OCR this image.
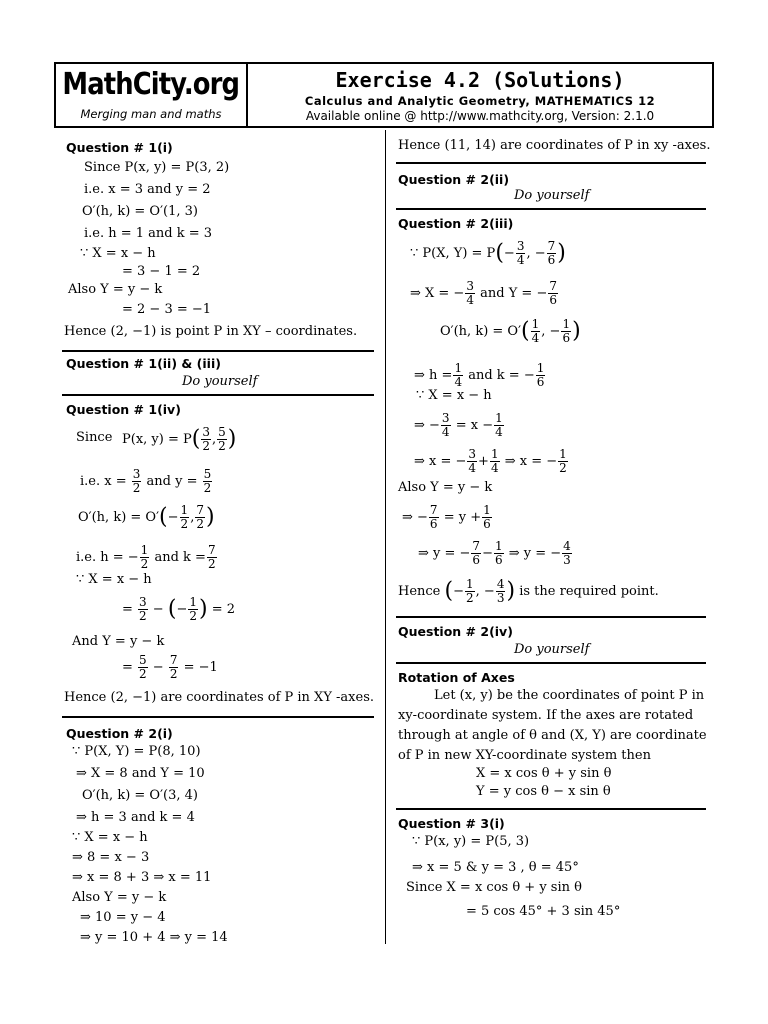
MathCity.org
Merging man and maths
Exercise 4.2 (Solutions)
Calculus and Analytic Geometry, MATHEMATICS 12
Available online @ http://www.mathcity.org, Version: 2.1.0
Question # 1(i)
Since P(x, y) = P(3, 2)
i.e. x = 3 and y = 2
O′(h, k) = O′(1, 3)
i.e. h = 1 and k = 3
∵ X = x − h
= 3 − 1 = 2
Also Y = y − k
= 2 − 3 = −1
Hence (2, −1) is point P in XY – coordinates.
Question # 1(ii) & (iii)
Do yourself
Question # 1(iv)
Since P(x, $y) = P( \frac{3}{2}$ , $\frac{5}{2}$ )
i.e. $x = \frac{3}{2}$ and $y = \frac{5}{2}$
O′(h, $k) = O'(- \frac{1}{2}$ , $\frac{7}{2}$ )
i.e. h = − $\frac{1}{2}$ and $k = \frac{7}{2}$
∵ X = x − h
= $\frac{3}{2}$ − (− $\frac{1}{2}$ ) = 2
And Y = y − k
= $\frac{5}{2} - \frac{7}{2} = -1$
Hence (2, −1) are coordinates of P in XY -axes.
Question # 2(i)
∵ P(X, Y) = P(8, 10)
⇒ X = 8 and Y = 10
O′(h, k) = O′(3, 4)
⇒ h = 3 and k = 4
∵ X = x − h
⇒ 8 = x − 3
⇒ x = 8 + 3 ⇒ x = 11
Also Y = y − k
⇒ 10 = y − 4
⇒ y = 10 + 4 ⇒ y = 14
Hence (11, 14) are coordinates of P in xy -axes.
Question # 2(ii)
Do yourself
Question # 2(iii)
∵ P(X, $Y) = P(- \frac{3}{4}$ , − $\frac{7}{6}$ )
⇒ X = − $\frac{3}{4}$ and Y = − $\frac{7}{6}$
O′(h, $k) = O'( \frac{1}{4}$ , − $\frac{1}{6}$ )
⇒ $h = \frac{1}{4}$ and k = − $\frac{1}{6}$
∵ X = x − h
⇒ − $\frac{3}{4} = x - \frac{1}{4}$
⇒ x = − $\frac{3}{4} + \frac{1}{4}$ ⇒ x = − $\frac{1}{2}$
Also Y = y − k
⇒ − $\frac{7}{6} = y + \frac{1}{6}$
⇒ y = − $\frac{7}{6} - \frac{1}{6}$ ⇒ y = − $\frac{4}{3}$
Hence (− $\frac{1}{2}$ , − $\frac{4}{3}$ ) is the required point.
Question # 2(iv)
Do yourself
Rotation of Axes
Let (x, y) be the coordinates of point P in
xy-coordinate system. If the axes are rotated
through at angle of θ and (X, Y) are coordinate
of P in new XY-coordinate system then
X = x cos θ + y sin θ
Y = y cos θ − x sin θ
Question # 3(i)
∵ P(x, y) = P(5, 3)
⇒ x = 5 & y = 3 , θ = 45°
Since X = x cos θ + y sin θ
= 5 cos 45° + 3 sin 45°
